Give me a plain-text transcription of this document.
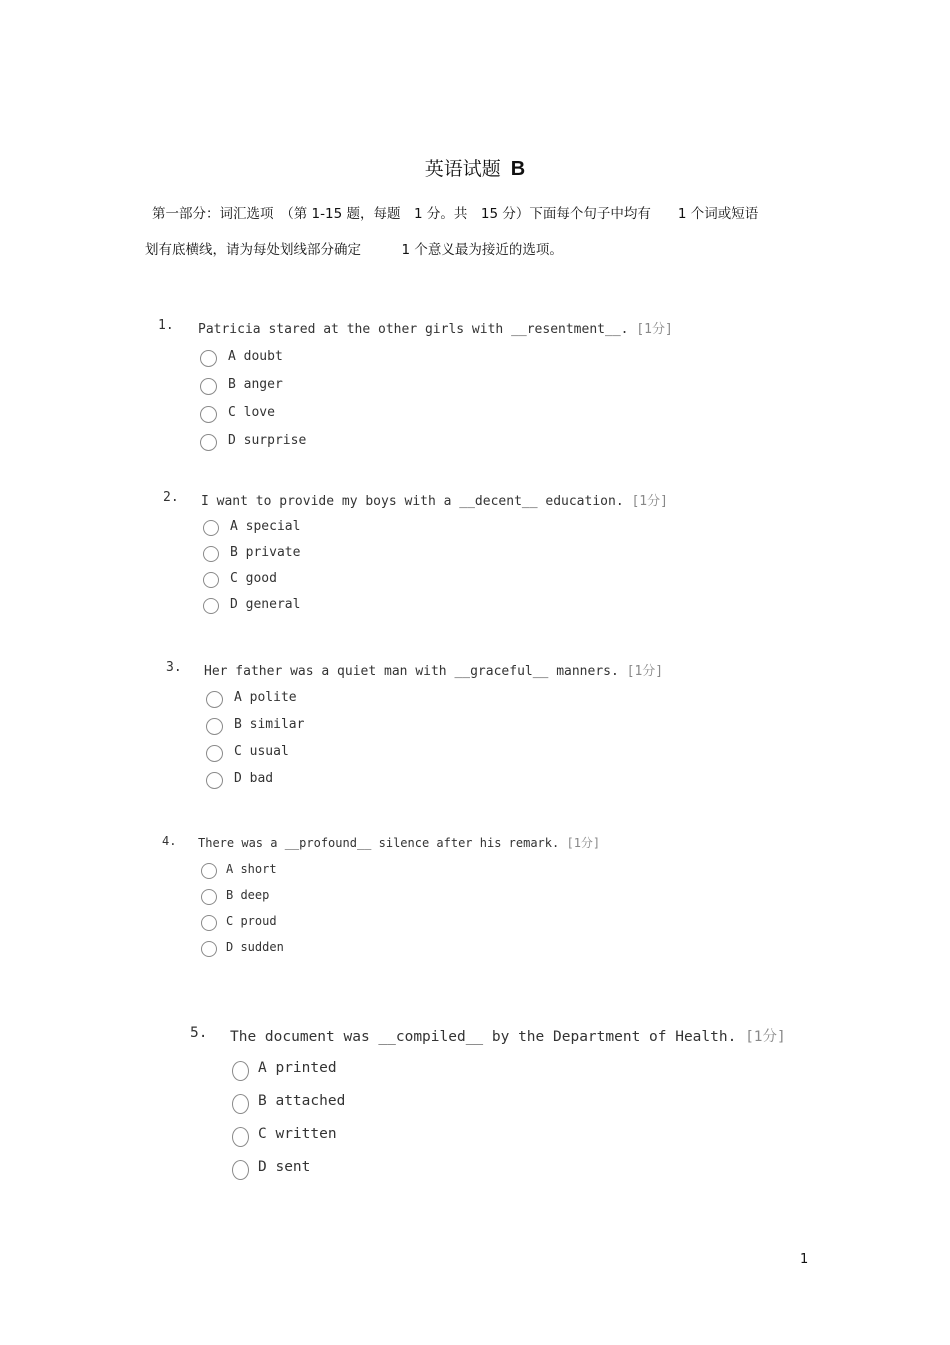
英语试题 B
第一部分：词汇选项　（第 1-15 题，每题　1 分。共　15 分）下面每个句子中均有　　1 个词或短语
划有底横线，请为每处划线部分确定　　　1 个意义最为接近的选项。
1. Patricia stared at the other girls with __resentment__. [1分]
A doubt
B anger
C love
D surprise
2. I want to provide my boys with a __decent__ education. [1分]
A special
B private
C good
D general
3. Her father was a quiet man with __graceful__ manners. [1分]
A polite
B similar
C usual
D bad
4. There was a __profound__ silence after his remark. [1分]
A short
B deep
C proud
D sudden
5. The document was __compiled__ by the Department of Health. [1分]
A printed
B attached
C written
D sent
1
